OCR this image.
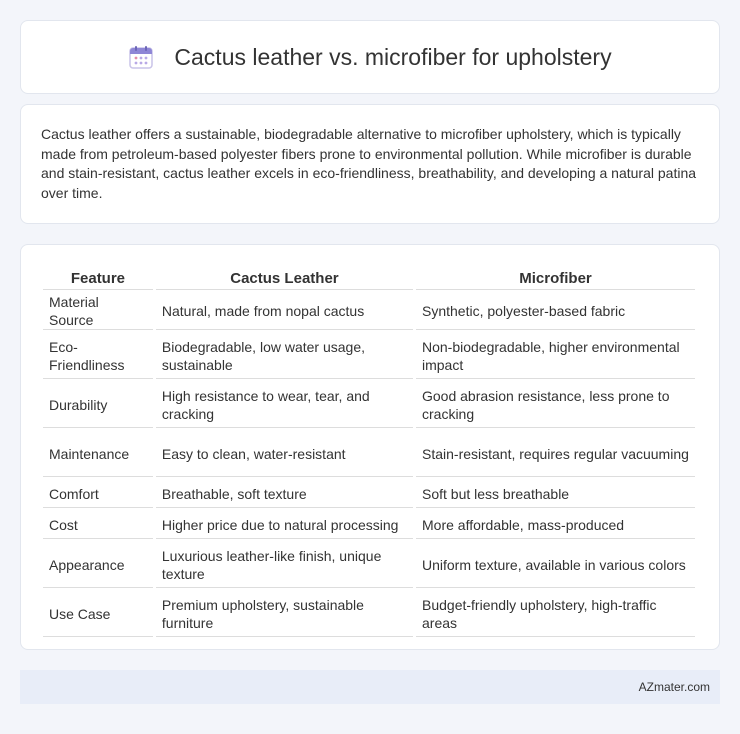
Cactus leather vs. microfiber for upholstery

Cactus leather offers a sustainable, biodegradable alternative to microfiber upholstery, which is typically made from petroleum-based polyester fibers prone to environmental pollution. While microfiber is durable and stain-resistant, cactus leather excels in eco-friendliness, breathability, and developing a natural patina over time.

Feature	Cactus Leather	Microfiber
Material Source	Natural, made from nopal cactus	Synthetic, polyester-based fabric
Eco-Friendliness	Biodegradable, low water usage, sustainable	Non-biodegradable, higher environmental impact
Durability	High resistance to wear, tear, and cracking	Good abrasion resistance, less prone to cracking
Maintenance	Easy to clean, water-resistant	Stain-resistant, requires regular vacuuming
Comfort	Breathable, soft texture	Soft but less breathable
Cost	Higher price due to natural processing	More affordable, mass-produced
Appearance	Luxurious leather-like finish, unique texture	Uniform texture, available in various colors
Use Case	Premium upholstery, sustainable furniture	Budget-friendly upholstery, high-traffic areas
AZmater.com
